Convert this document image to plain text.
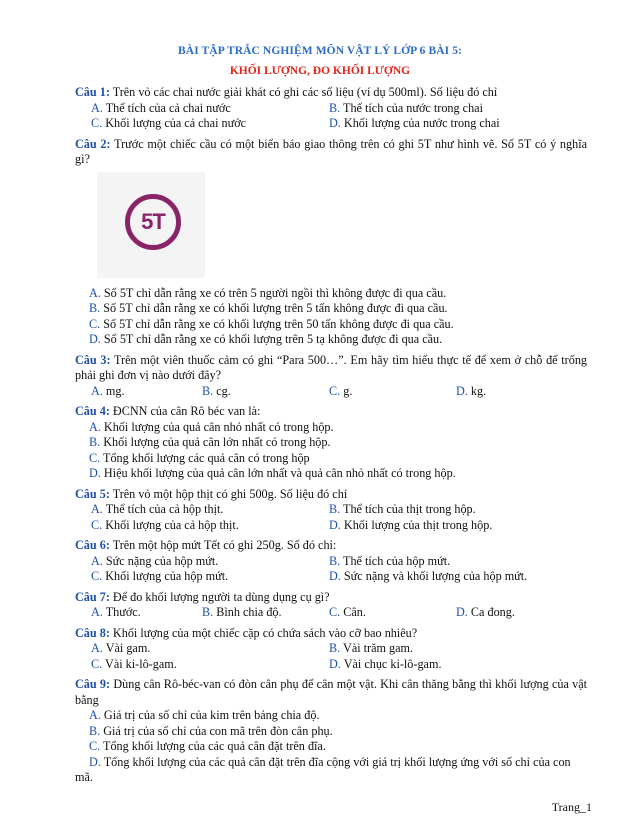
BÀI TẬP TRẮC NGHIỆM MÔN VẬT LÝ LỚP 6 BÀI 5:
KHỐI LƯỢNG, ĐO KHỐI LƯỢNG
Câu 1: Trên vỏ các chai nước giải khát có ghi các số liệu (ví dụ 500ml). Số liệu đó chỉ
A. Thể tích của cả chai nước	B. Thể tích của nước trong chai
C. Khối lượng của cả chai nước	D. Khối lượng của nước trong chai
Câu 2: Trước một chiếc cầu có một biển báo giao thông trên có ghi 5T như hình vẽ. Số 5T có ý nghĩa gì?
5T
A. Số 5T chỉ dẫn rằng xe có trên 5 người ngồi thì không được đi qua cầu.
B. Số 5T chỉ dẫn rằng xe có khối lượng trên 5 tấn không được đi qua cầu.
C. Số 5T chỉ dẫn rằng xe có khối lượng trên 50 tấn không được đi qua cầu.
D. Số 5T chỉ dẫn rằng xe có khối lượng trên 5 tạ không được đi qua cầu.
Câu 3: Trên một viên thuốc cảm có ghi “Para 500…”. Em hãy tìm hiểu thực tế để xem ở chỗ để trống phải ghi đơn vị nào dưới đây?
A. mg.	B. cg.	C. g.	D. kg.
Câu 4: ĐCNN của cân Rô béc van là:
A. Khối lượng của quả cân nhỏ nhất có trong hộp.
B. Khối lượng của quả cân lớn nhất có trong hộp.
C. Tổng khối lượng các quả cân có trong hộp
D. Hiệu khối lượng của quả cân lớn nhất và quả cân nhỏ nhất có trong hộp.
Câu 5: Trên vỏ một hộp thịt có ghi 500g. Số liệu đó chỉ
A. Thể tích của cả hộp thịt.	B. Thể tích của thịt trong hộp.
C. Khối lượng của cả hộp thịt.	D. Khối lượng của thịt trong hộp.
Câu 6: Trên một hộp mứt Tết có ghi 250g. Số đó chỉ:
A. Sức nặng của hộp mứt.	B. Thể tích của hộp mứt.
C. Khối lượng của hộp mứt.	D. Sức nặng và khối lượng của hộp mứt.
Câu 7: Để đo khối lượng người ta dùng dụng cụ gì?
A. Thước.	B. Bình chia độ.	C. Cân.	D. Ca đong.
Câu 8: Khối lượng của một chiếc cặp có chứa sách vào cỡ bao nhiêu?
A. Vài gam.	B. Vài trăm gam.
C. Vài ki-lô-gam.	D. Vài chục ki-lô-gam.
Câu 9: Dùng cân Rô-béc-van có đòn cân phụ để cân một vật. Khi cân thăng bằng thì khối lượng của vật bằng
A. Giá trị của số chỉ của kim trên bảng chia độ.
B. Giá trị của số chỉ của con mã trên đòn cân phụ.
C. Tổng khối lượng của các quả cân đặt trên đĩa.
D. Tổng khối lượng của các quả cân đặt trên đĩa cộng với giá trị khối lượng ứng với số chỉ của con mã.
Trang_1
